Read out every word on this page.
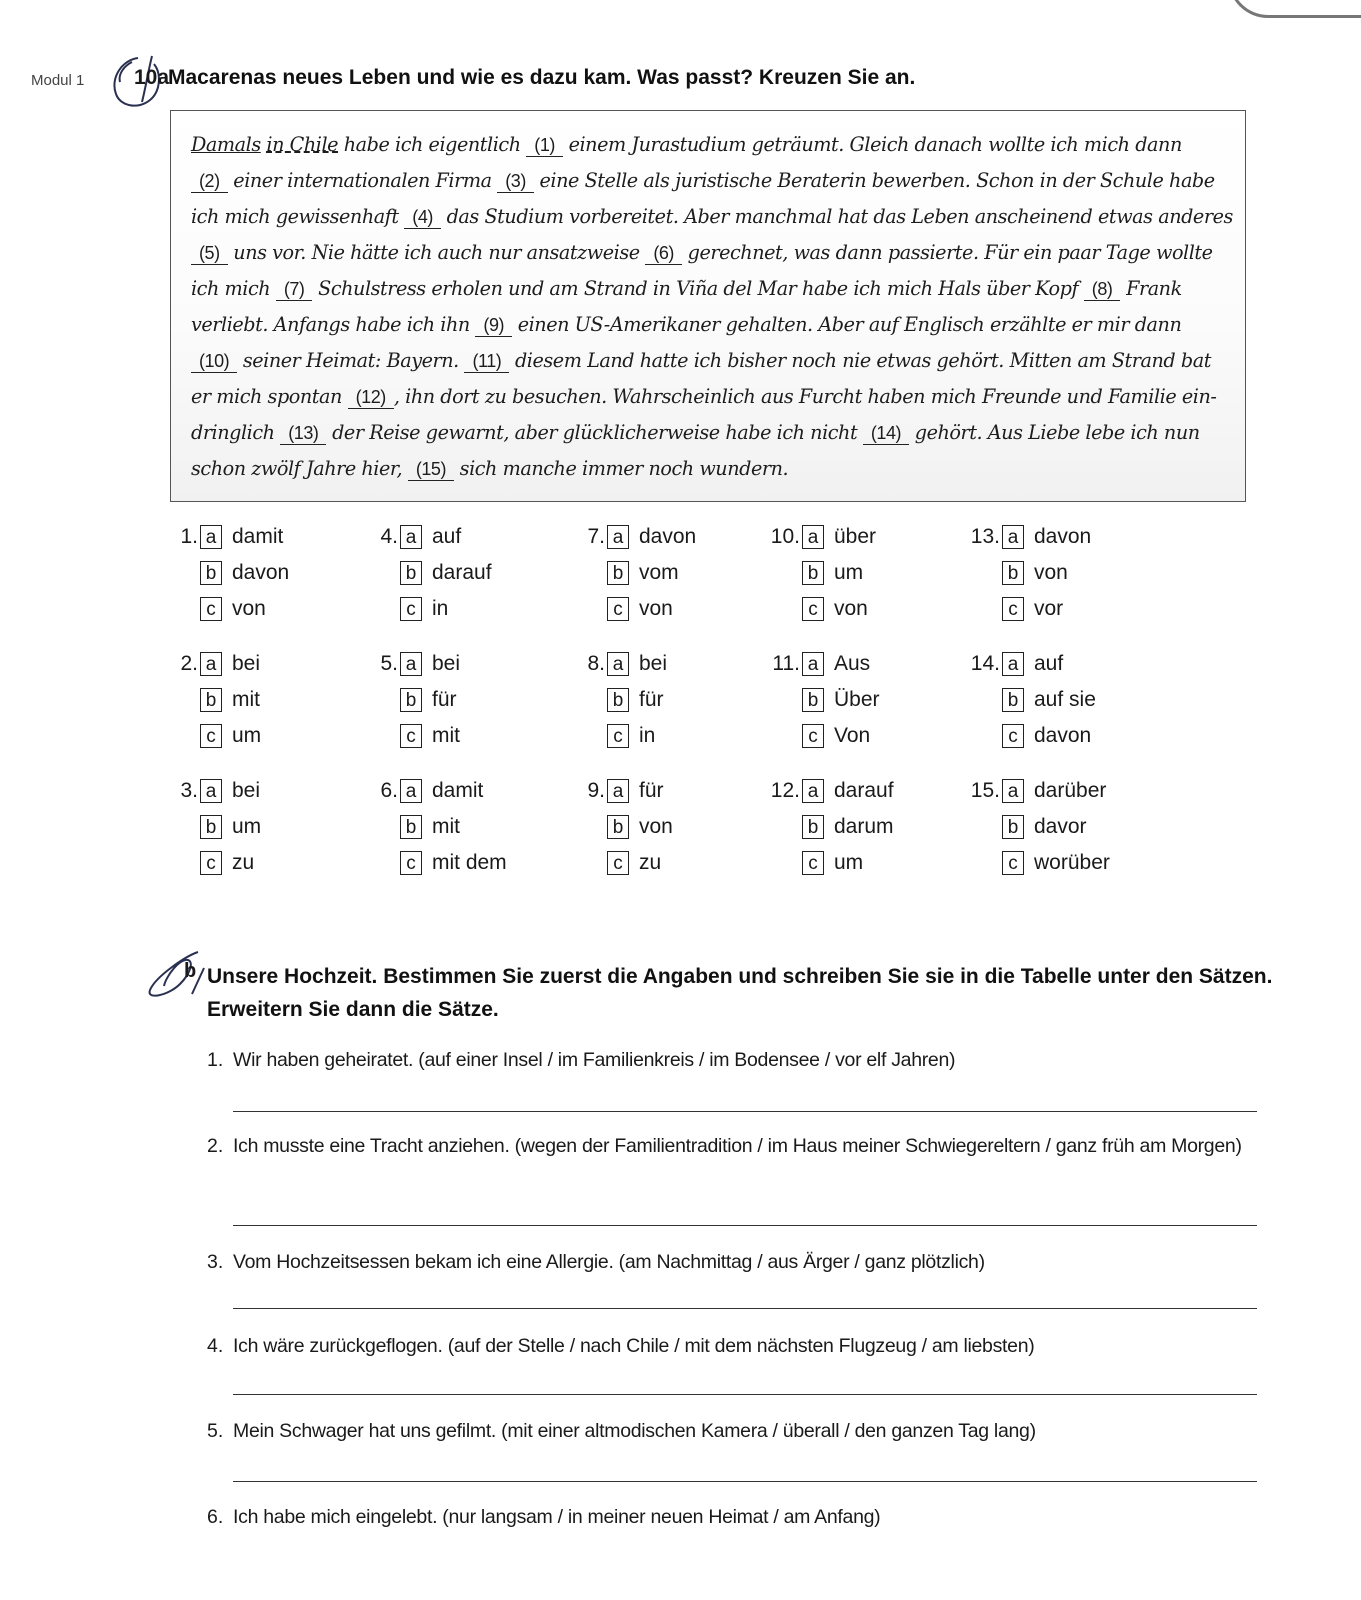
Modul 1 10a
Macarenas neues Leben und wie es dazu kam. Was passt? Kreuzen Sie an.
Damals in Chile habe ich eigentlich (1) einem Jurastudium geträumt. Gleich danach wollte ich mich dann
(2) einer internationalen Firma (3) eine Stelle als juristische Beraterin bewerben. Schon in der Schule habe
ich mich gewissenhaft (4) das Studium vorbereitet. Aber manchmal hat das Leben anscheinend etwas anderes
(5) uns vor. Nie hätte ich auch nur ansatzweise (6) gerechnet, was dann passierte. Für ein paar Tage wollte
ich mich (7) Schulstress erholen und am Strand in Viña del Mar habe ich mich Hals über Kopf (8) Frank
verliebt. Anfangs habe ich ihn (9) einen US-Amerikaner gehalten. Aber auf Englisch erzählte er mir dann
(10) seiner Heimat: Bayern. (11) diesem Land hatte ich bisher noch nie etwas gehört. Mitten am Strand bat
er mich spontan (12) , ihn dort zu besuchen. Wahrscheinlich aus Furcht haben mich Freunde und Familie ein-
dringlich (13) der Reise gewarnt, aber glücklicherweise habe ich nicht (14) gehört. Aus Liebe lebe ich nun
schon zwölf Jahre hier, (15) sich manche immer noch wundern.
1. a damit
b davon
c von
2. a bei
b mit
c um
3. a bei
b um
c zu
4. a auf
b darauf
c in
5. a bei
b für
c mit
6. a damit
b mit
c mit dem
7. a davon
b vom
c von
8. a bei
b für
c in
9. a für
b von
c zu
10. a über
b um
c von
11. a Aus
b Über
c Von
12. a darauf
b darum
c um
13. a davon
b von
c vor
14. a auf
b auf sie
c davon
15. a darüber
b davor
c worüber
b Unsere Hochzeit. Bestimmen Sie zuerst die Angaben und schreiben Sie sie in die Tabelle unter den Sätzen. Erweitern Sie dann die Sätze.
1. Wir haben geheiratet. (auf einer Insel / im Familienkreis / im Bodensee / vor elf Jahren)
2. Ich musste eine Tracht anziehen. (wegen der Familientradition / im Haus meiner Schwiegereltern / ganz früh am Morgen)
3. Vom Hochzeitsessen bekam ich eine Allergie. (am Nachmittag / aus Ärger / ganz plötzlich)
4. Ich wäre zurückgeflogen. (auf der Stelle / nach Chile / mit dem nächsten Flugzeug / am liebsten)
5. Mein Schwager hat uns gefilmt. (mit einer altmodischen Kamera / überall / den ganzen Tag lang)
6. Ich habe mich eingelebt. (nur langsam / in meiner neuen Heimat / am Anfang)
